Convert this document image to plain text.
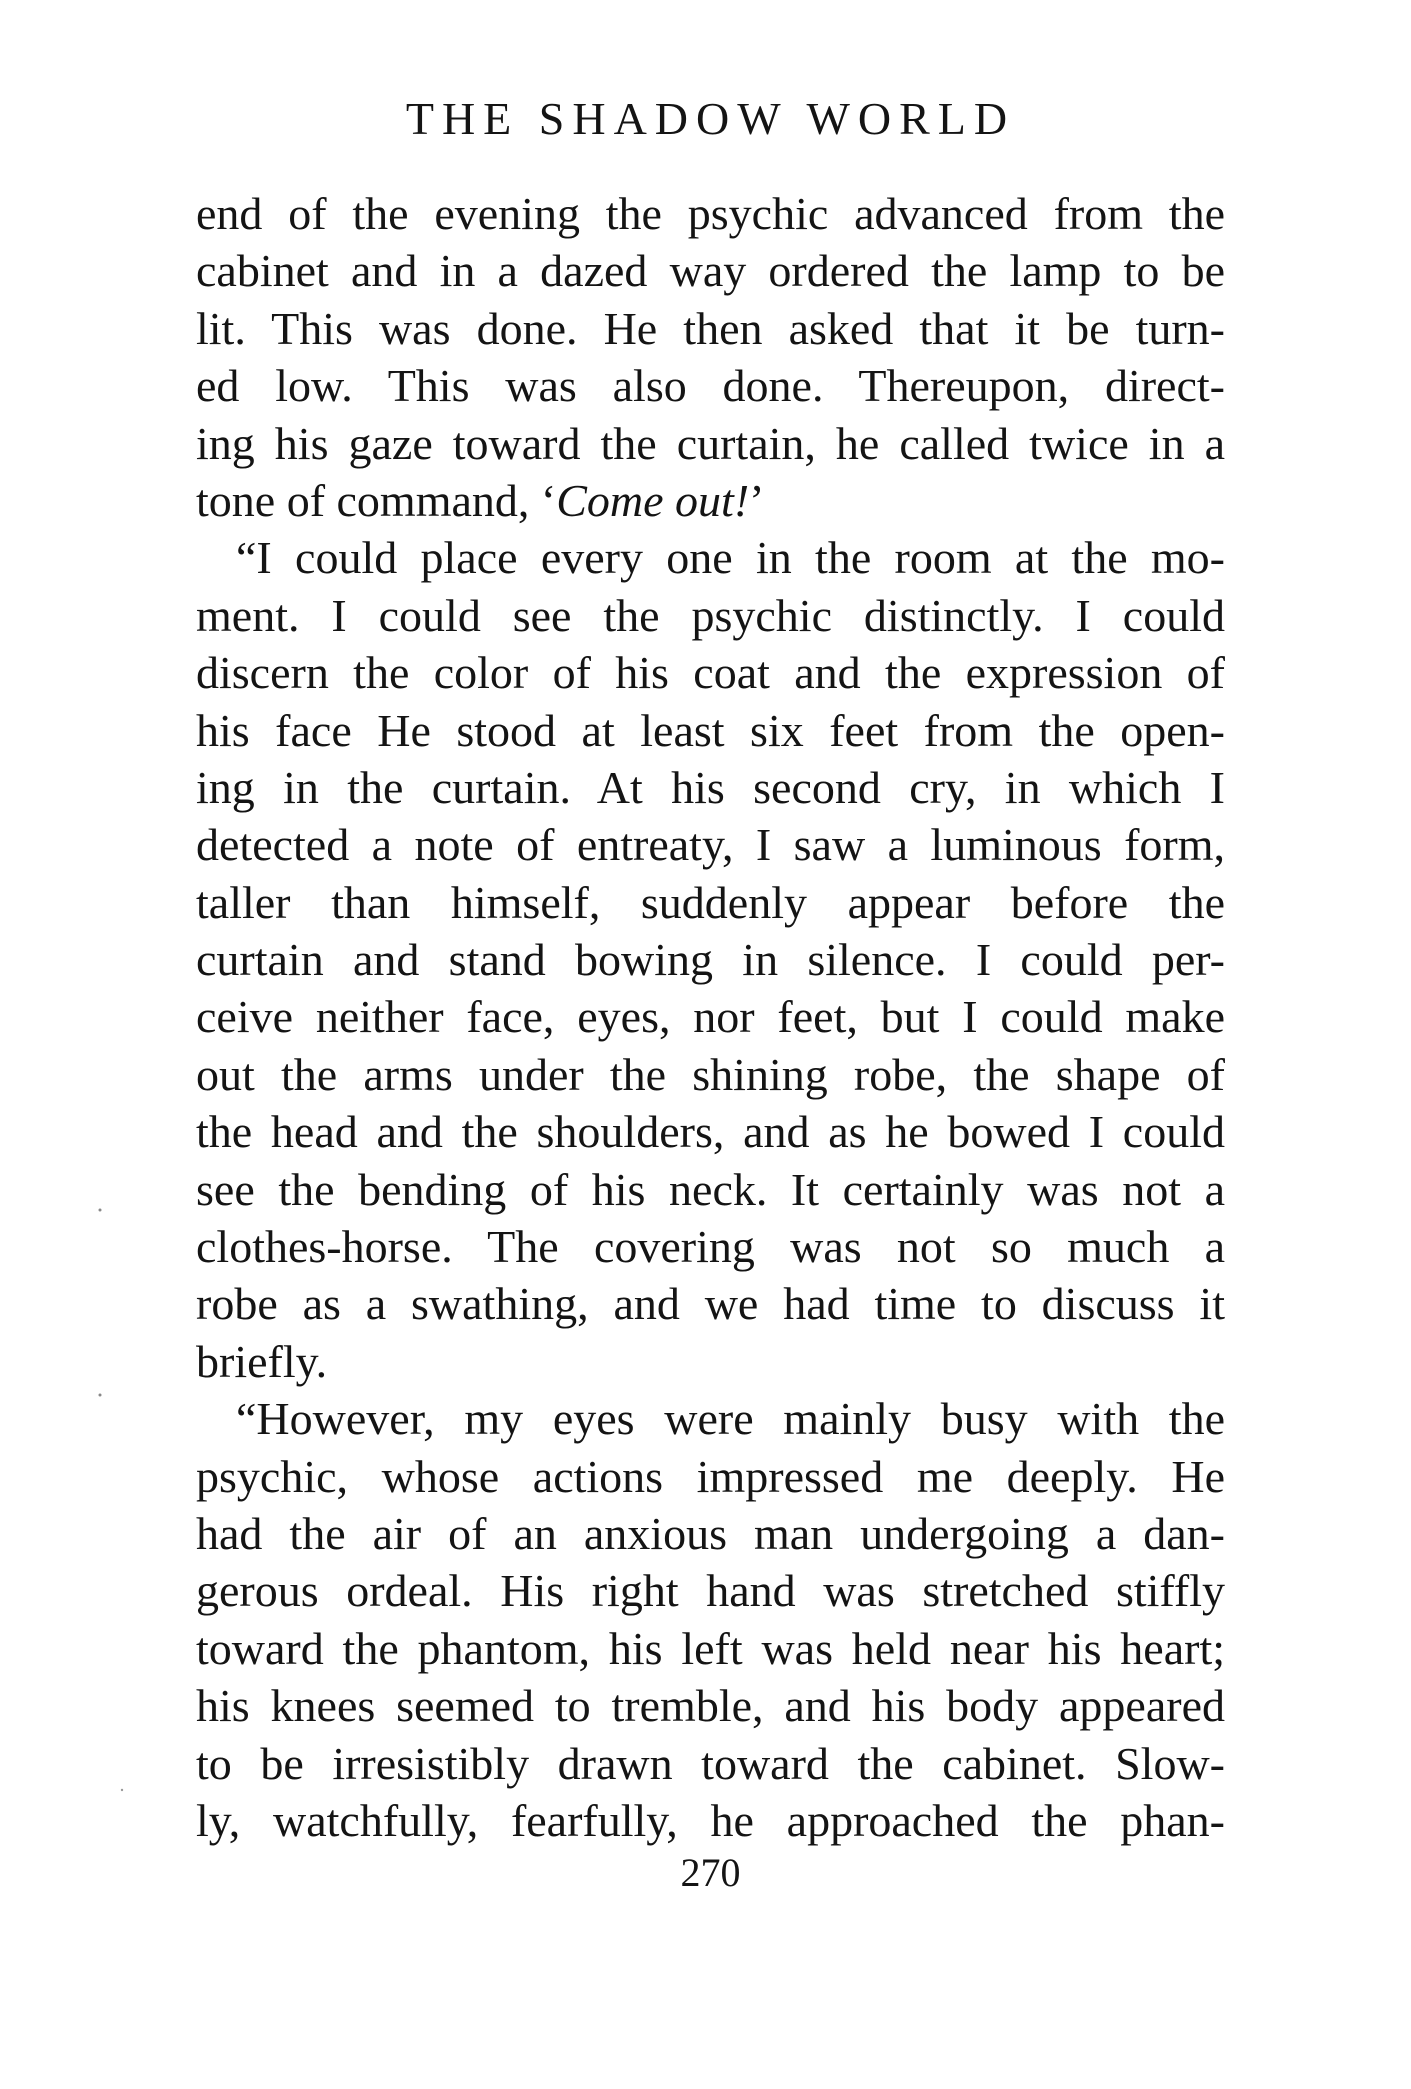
THE SHADOW WORLD
end of the evening the psychic advanced from the
cabinet and in a dazed way ordered the lamp to be
lit. This was done. He then asked that it be turn-
ed low. This was also done. Thereupon, direct-
ing his gaze toward the curtain, he called twice in a
tone of command, ‘Come out!’
“I could place every one in the room at the mo-
ment. I could see the psychic distinctly. I could
discern the color of his coat and the expression of
his face He stood at least six feet from the open-
ing in the curtain. At his second cry, in which I
detected a note of entreaty, I saw a luminous form,
taller than himself, suddenly appear before the
curtain and stand bowing in silence. I could per-
ceive neither face, eyes, nor feet, but I could make
out the arms under the shining robe, the shape of
the head and the shoulders, and as he bowed I could
see the bending of his neck. It certainly was not a
clothes-horse. The covering was not so much a
robe as a swathing, and we had time to discuss it
briefly.
“However, my eyes were mainly busy with the
psychic, whose actions impressed me deeply. He
had the air of an anxious man undergoing a dan-
gerous ordeal. His right hand was stretched stiffly
toward the phantom, his left was held near his heart;
his knees seemed to tremble, and his body appeared
to be irresistibly drawn toward the cabinet. Slow-
ly, watchfully, fearfully, he approached the phan-
270
